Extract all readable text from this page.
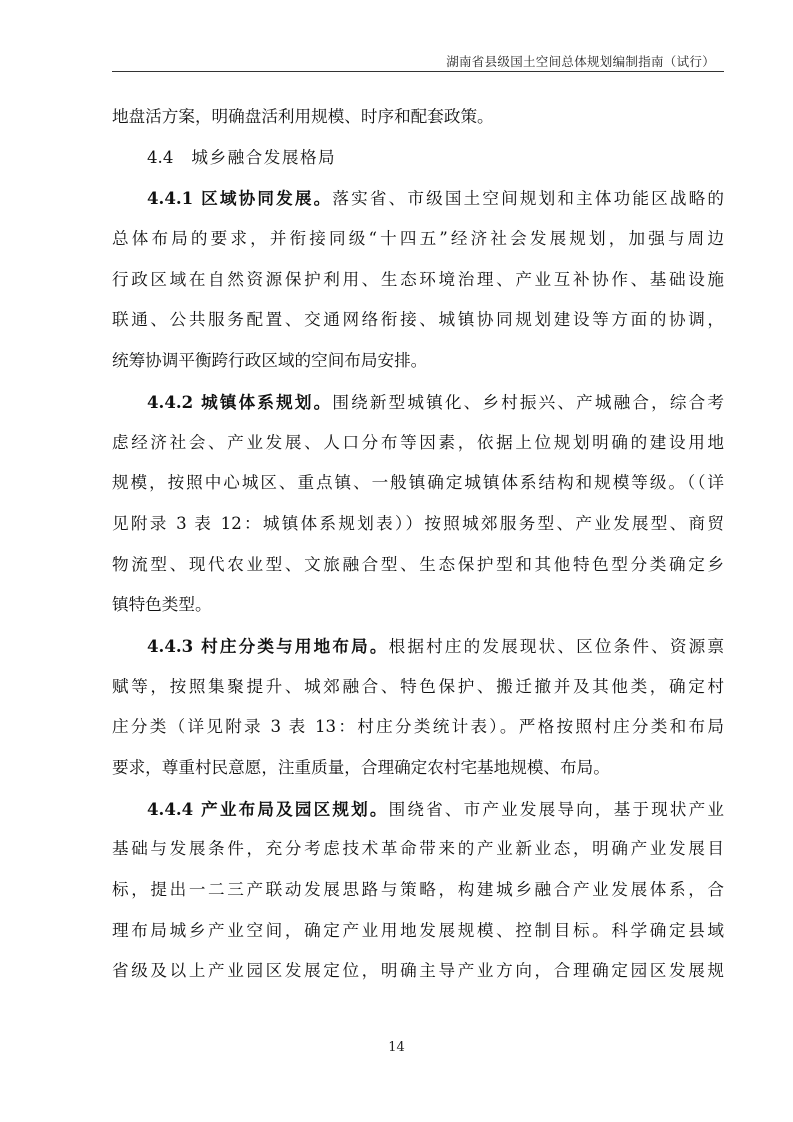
湖南省县级国土空间总体规划编制指南（试行）
地盘活方案，明确盘活利用规模、时序和配套政策。
4.4 城乡融合发展格局
4.4.1 区域协同发展。落实省、市级国土空间规划和主体功能区战略的
总体布局的要求，并衔接同级“十四五”经济社会发展规划，加强与周边
行政区域在自然资源保护利用、生态环境治理、产业互补协作、基础设施
联通、公共服务配置、交通网络衔接、城镇协同规划建设等方面的协调，
统筹协调平衡跨行政区域的空间布局安排。
4.4.2 城镇体系规划。围绕新型城镇化、乡村振兴、产城融合，综合考
虑经济社会、产业发展、人口分布等因素，依据上位规划明确的建设用地
规模，按照中心城区、重点镇、一般镇确定城镇体系结构和规模等级。（（详
见附录 3 表 12：城镇体系规划表））按照城郊服务型、产业发展型、商贸
物流型、现代农业型、文旅融合型、生态保护型和其他特色型分类确定乡
镇特色类型。
4.4.3 村庄分类与用地布局。根据村庄的发展现状、区位条件、资源禀
赋等，按照集聚提升、城郊融合、特色保护、搬迁撤并及其他类，确定村
庄分类（详见附录 3 表 13：村庄分类统计表）。严格按照村庄分类和布局
要求，尊重村民意愿，注重质量，合理确定农村宅基地规模、布局。
4.4.4 产业布局及园区规划。围绕省、市产业发展导向，基于现状产业
基础与发展条件，充分考虑技术革命带来的产业新业态，明确产业发展目
标，提出一二三产联动发展思路与策略，构建城乡融合产业发展体系，合
理布局城乡产业空间，确定产业用地发展规模、控制目标。科学确定县域
省级及以上产业园区发展定位，明确主导产业方向，合理确定园区发展规
14
